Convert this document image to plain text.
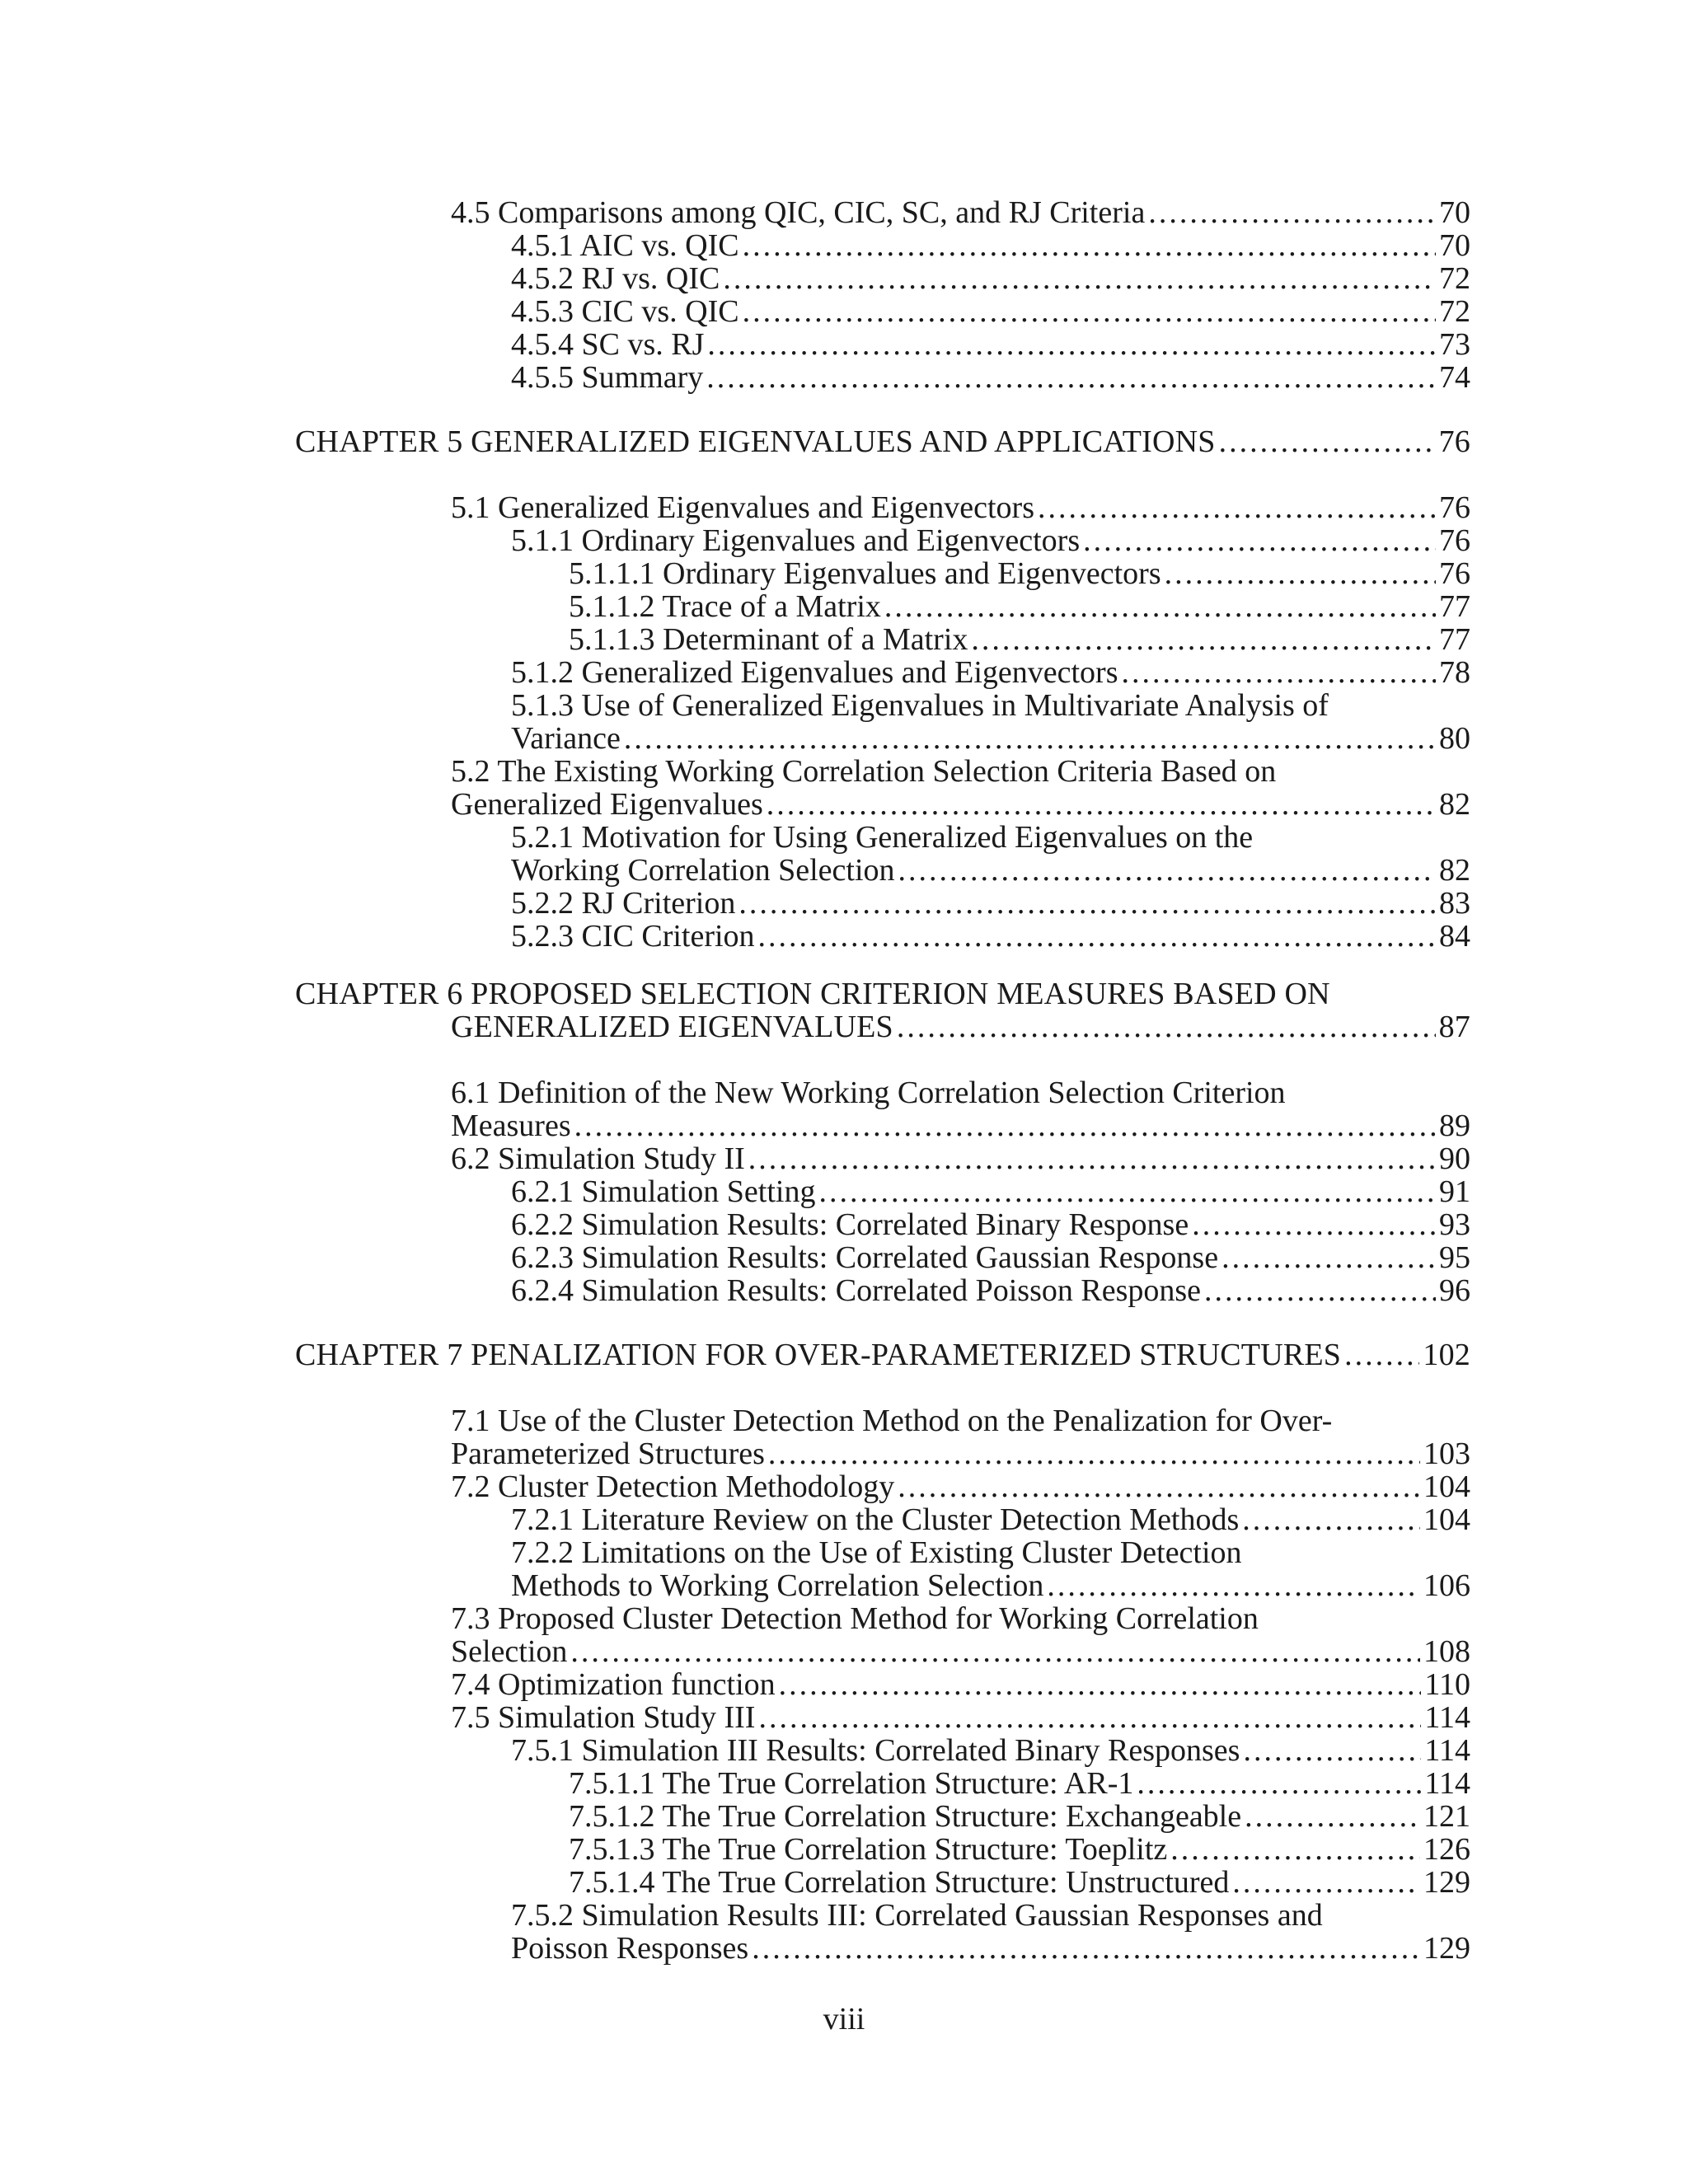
4.5 Comparisons among QIC, CIC, SC, and RJ Criteria .....	70
4.5.1 AIC vs. QIC .....	70
4.5.2 RJ vs. QIC .....	72
4.5.3 CIC vs. QIC .....	72
4.5.4 SC vs. RJ .....	73
4.5.5 Summary .....	74
CHAPTER 5 GENERALIZED EIGENVALUES AND APPLICATIONS .....	76
5.1 Generalized Eigenvalues and Eigenvectors .....	76
5.1.1 Ordinary Eigenvalues and Eigenvectors .....	76
5.1.1.1 Ordinary Eigenvalues and Eigenvectors .....	76
5.1.1.2 Trace of a Matrix .....	77
5.1.1.3 Determinant of a Matrix .....	77
5.1.2 Generalized Eigenvalues and Eigenvectors .....	78
5.1.3 Use of Generalized Eigenvalues in Multivariate Analysis of
Variance .....	80
5.2 The Existing Working Correlation Selection Criteria Based on
Generalized Eigenvalues .....	82
5.2.1 Motivation for Using Generalized Eigenvalues on the
Working Correlation Selection .....	82
5.2.2 RJ Criterion .....	83
5.2.3 CIC Criterion .....	84
CHAPTER 6 PROPOSED SELECTION CRITERION MEASURES BASED ON
GENERALIZED EIGENVALUES .....	87
6.1 Definition of the New Working Correlation Selection Criterion
Measures .....	89
6.2 Simulation Study II .....	90
6.2.1 Simulation Setting .....	91
6.2.2 Simulation Results: Correlated Binary Response .....	93
6.2.3 Simulation Results: Correlated Gaussian Response .....	95
6.2.4 Simulation Results: Correlated Poisson Response .....	96
CHAPTER 7 PENALIZATION FOR OVER-PARAMETERIZED STRUCTURES .....	102
7.1 Use of the Cluster Detection Method on the Penalization for Over-
Parameterized Structures .....	103
7.2 Cluster Detection Methodology .....	104
7.2.1 Literature Review on the Cluster Detection Methods .....	104
7.2.2 Limitations on the Use of Existing Cluster Detection
Methods to Working Correlation Selection .....	106
7.3 Proposed Cluster Detection Method for Working Correlation
Selection .....	108
7.4 Optimization function .....	110
7.5 Simulation Study III .....	114
7.5.1 Simulation III Results: Correlated Binary Responses .....	114
7.5.1.1 The True Correlation Structure: AR-1 .....	114
7.5.1.2 The True Correlation Structure: Exchangeable .....	121
7.5.1.3 The True Correlation Structure: Toeplitz .....	126
7.5.1.4 The True Correlation Structure: Unstructured .....	129
7.5.2 Simulation Results III: Correlated Gaussian Responses and
Poisson Responses .....	129
viii
